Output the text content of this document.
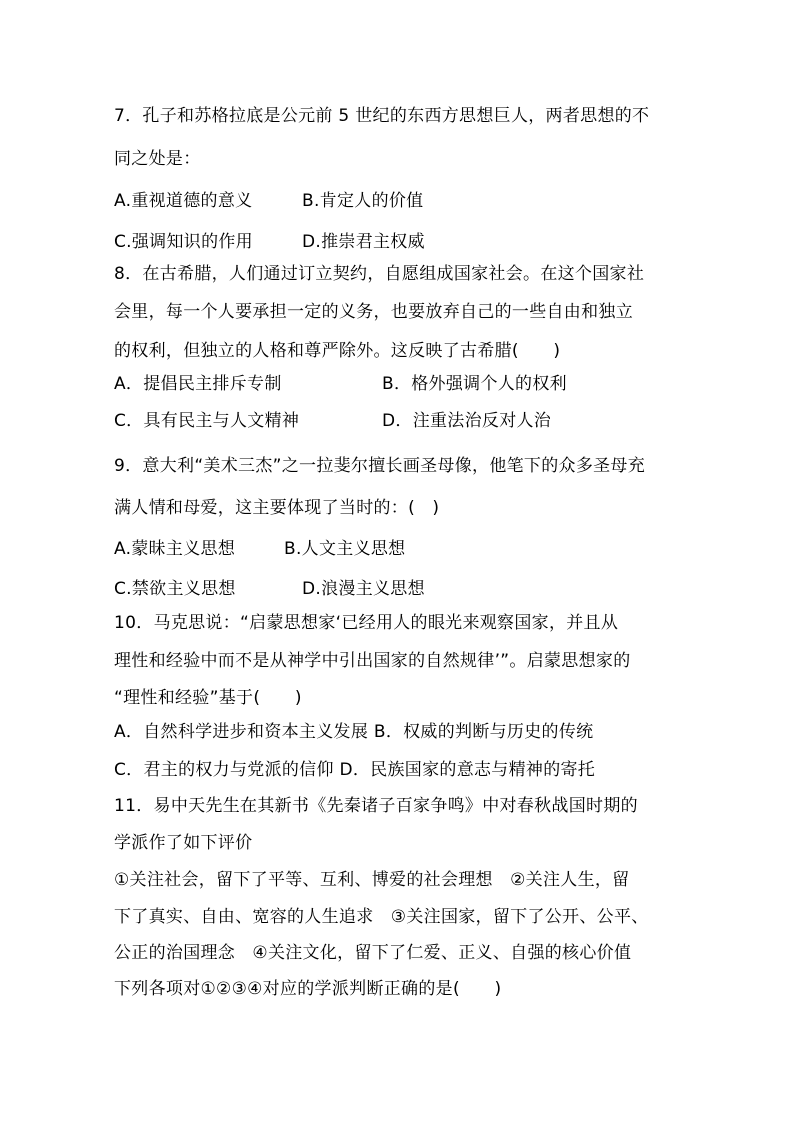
7．孔子和苏格拉底是公元前 5 世纪的东西方思想巨人，两者思想的不
同之处是：
A.重视道德的意义	B.肯定人的价值
C.强调知识的作用	D.推崇君主权威
8．在古希腊，人们通过订立契约，自愿组成国家社会。在这个国家社
会里，每一个人要承担一定的义务，也要放弃自己的一些自由和独立
的权利，但独立的人格和尊严除外。这反映了古希腊(　　)
A．提倡民主排斥专制	B．格外强调个人的权利
C．具有民主与人文精神	D．注重法治反对人治
9．意大利“美术三杰”之一拉斐尔擅长画圣母像，他笔下的众多圣母充
满人情和母爱，这主要体现了当时的：(　)
A.蒙昧主义思想	B.人文主义思想
C.禁欲主义思想	D.浪漫主义思想
10．马克思说：“启蒙思想家‘已经用人的眼光来观察国家，并且从
理性和经验中而不是从神学中引出国家的自然规律’”。启蒙思想家的
“理性和经验”基于(　　)
A．自然科学进步和资本主义发展 B．权威的判断与历史的传统
C．君主的权力与党派的信仰 D．民族国家的意志与精神的寄托
11．易中天先生在其新书《先秦诸子百家争鸣》中对春秋战国时期的
学派作了如下评价
①关注社会，留下了平等、互利、博爱的社会理想　②关注人生，留
下了真实、自由、宽容的人生追求　③关注国家，留下了公开、公平、
公正的治国理念　④关注文化，留下了仁爱、正义、自强的核心价值
下列各项对①②③④对应的学派判断正确的是(　　)
